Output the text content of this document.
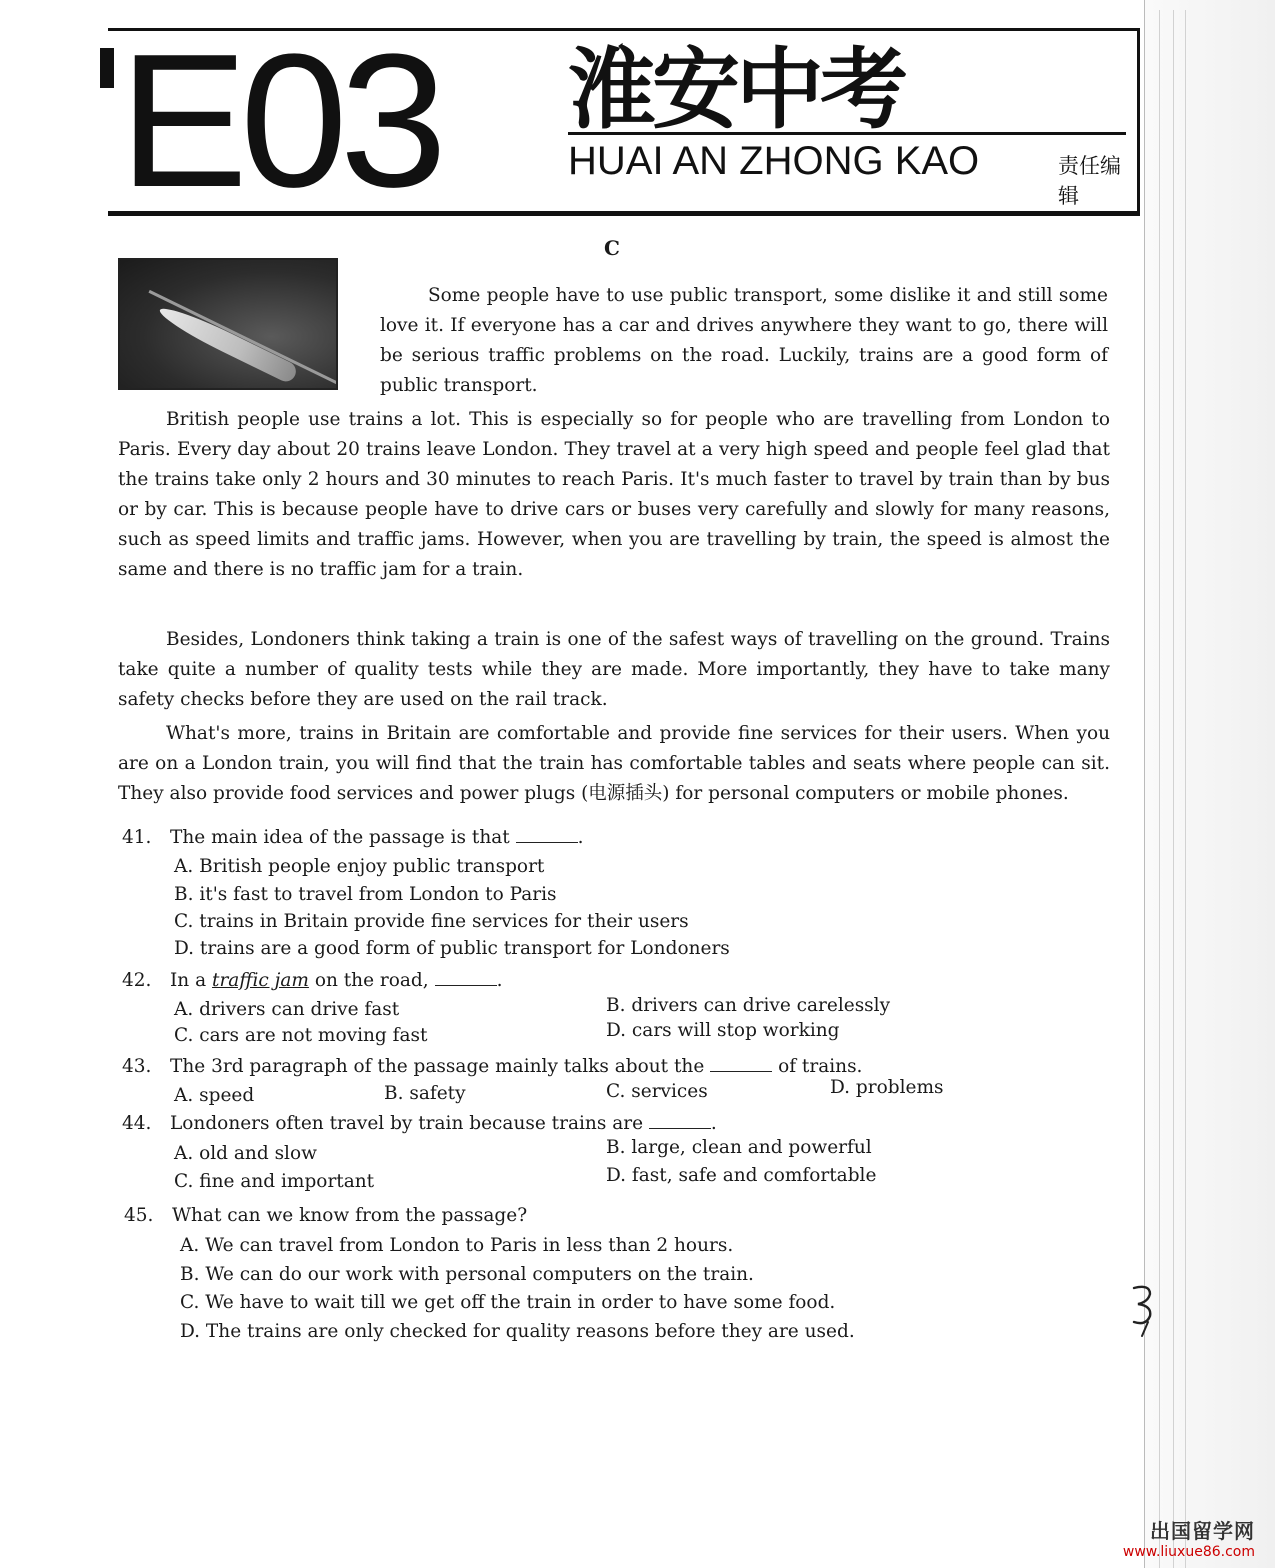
E03 淮安中考
HUAI AN ZHONG KAO	责任编辑
C

Some people have to use public transport, some dislike it and still some love it. If everyone has a car and drives anywhere they want to go, there will be serious traffic problems on the road. Luckily, trains are a good form of public transport.

British people use trains a lot. This is especially so for people who are travelling from London to Paris. Every day about 20 trains leave London. They travel at a very high speed and people feel glad that the trains take only 2 hours and 30 minutes to reach Paris. It's much faster to travel by train than by bus or by car. This is because people have to drive cars or buses very carefully and slowly for many reasons, such as speed limits and traffic jams. However, when you are travelling by train, the speed is almost the same and there is no traffic jam for a train.

Besides, Londoners think taking a train is one of the safest ways of travelling on the ground. Trains take quite a number of quality tests while they are made. More importantly, they have to take many safety checks before they are used on the rail track.

What's more, trains in Britain are comfortable and provide fine services for their users. When you are on a London train, you will find that the train has comfortable tables and seats where people can sit. They also provide food services and power plugs (电源插头) for personal computers or mobile phones.

41. The main idea of the passage is that	.
A. British people enjoy public transport
B. it's fast to travel from London to Paris
C. trains in Britain provide fine services for their users
D. trains are a good form of public transport for Londoners
42. In a traffic jam on the road,	.
A. drivers can drive fast	B. drivers can drive carelessly
C. cars are not moving fast	D. cars will stop working
43. The 3rd paragraph of the passage mainly talks about the	of trains.
A. speed	B. safety	C. services	D. problems
44. Londoners often travel by train because trains are	.
A. old and slow	B. large, clean and powerful
C. fine and important	D. fast, safe and comfortable
45. What can we know from the passage?
A. We can travel from London to Paris in less than 2 hours.
B. We can do our work with personal computers on the train.
C. We have to wait till we get off the train in order to have some food.
D. The trains are only checked for quality reasons before they are used.
出国留学网
www.liuxue86.com
